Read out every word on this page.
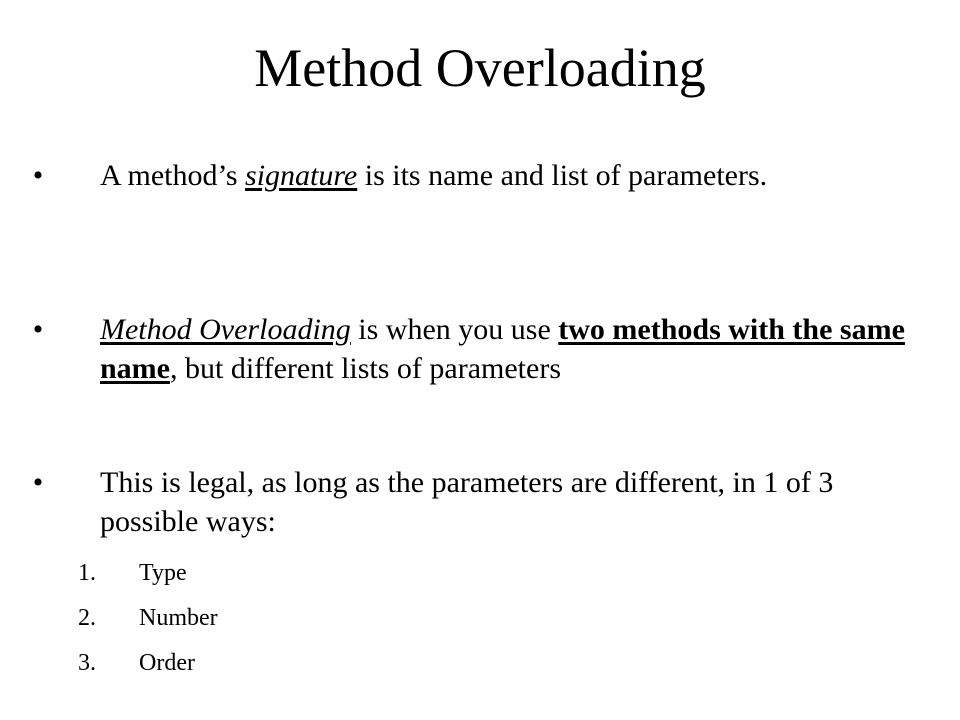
Method Overloading
• A method’s signature is its name and list of parameters.
• Method Overloading is when you use two methods with the same name, but different lists of parameters
• This is legal, as long as the parameters are different, in 1 of 3 possible ways:
1.	Type
2.	Number
3.	Order
